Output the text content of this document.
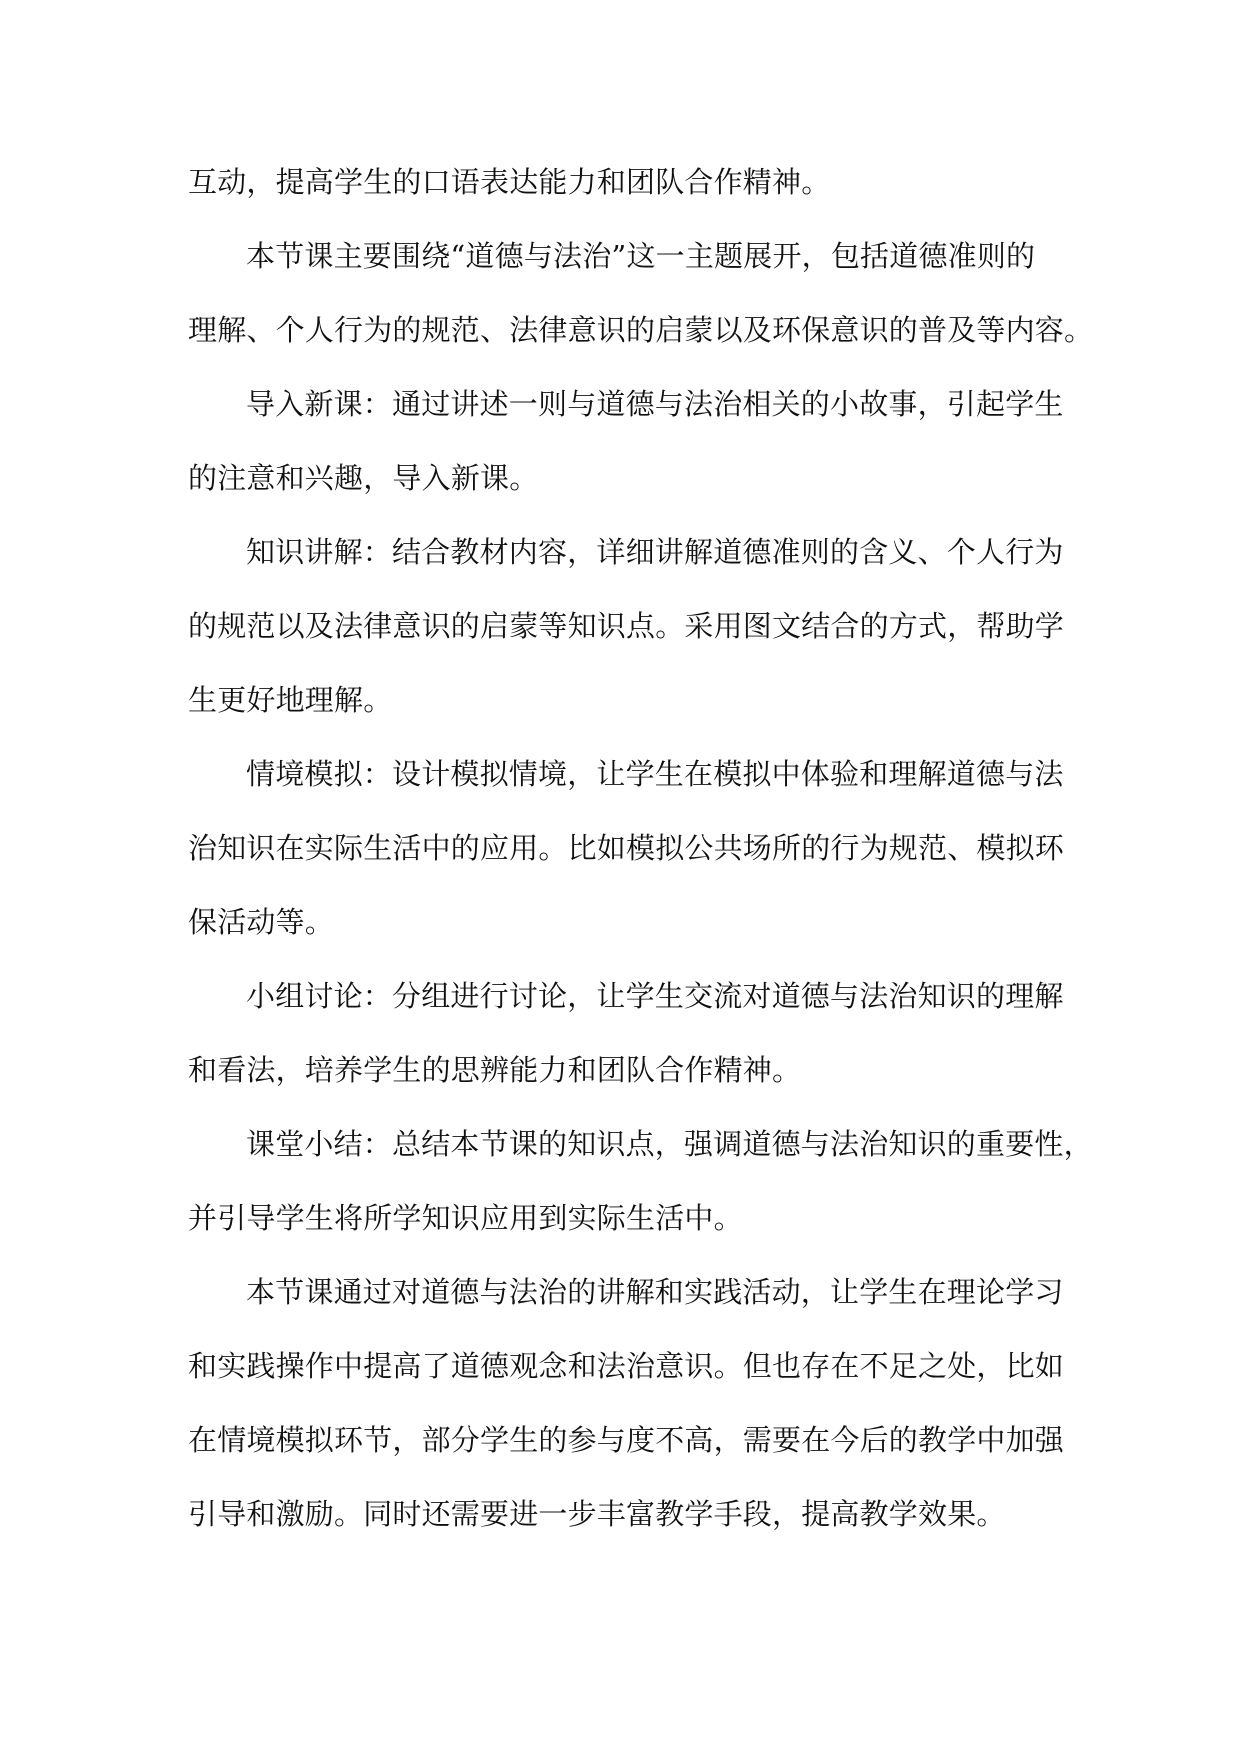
互动，提高学生的口语表达能力和团队合作精神。
本节课主要围绕“道德与法治”这一主题展开，包括道德准则的
理解、个人行为的规范、法律意识的启蒙以及环保意识的普及等内容。
导入新课：通过讲述一则与道德与法治相关的小故事，引起学生
的注意和兴趣，导入新课。
知识讲解：结合教材内容，详细讲解道德准则的含义、个人行为
的规范以及法律意识的启蒙等知识点。采用图文结合的方式，帮助学
生更好地理解。
情境模拟：设计模拟情境，让学生在模拟中体验和理解道德与法
治知识在实际生活中的应用。比如模拟公共场所的行为规范、模拟环
保活动等。
小组讨论：分组进行讨论，让学生交流对道德与法治知识的理解
和看法，培养学生的思辨能力和团队合作精神。
课堂小结：总结本节课的知识点，强调道德与法治知识的重要性，
并引导学生将所学知识应用到实际生活中。
本节课通过对道德与法治的讲解和实践活动，让学生在理论学习
和实践操作中提高了道德观念和法治意识。但也存在不足之处，比如
在情境模拟环节，部分学生的参与度不高，需要在今后的教学中加强
引导和激励。同时还需要进一步丰富教学手段，提高教学效果。
